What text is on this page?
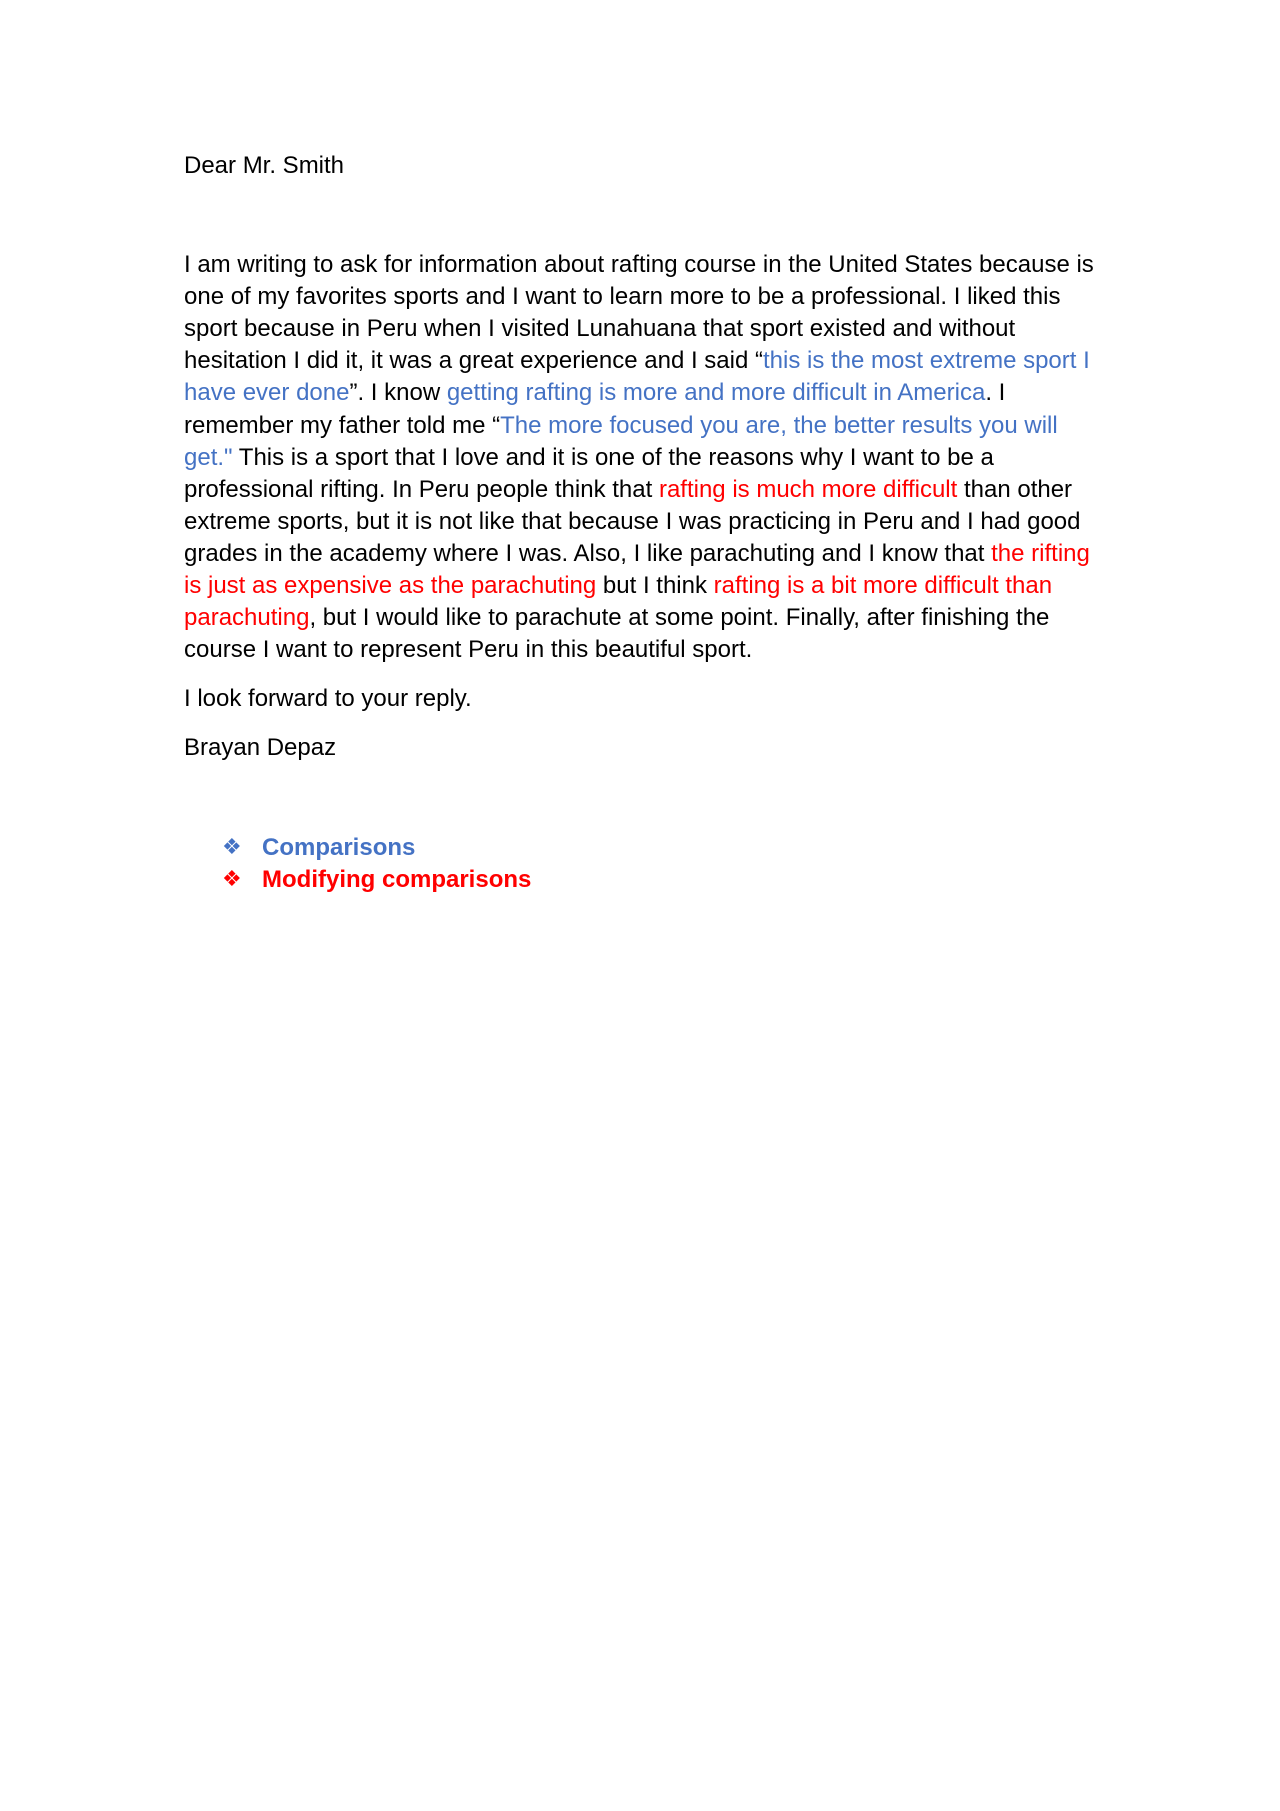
Dear Mr. Smith

I am writing to ask for information about rafting course in the United States because is one of my favorites sports and I want to learn more to be a professional. I liked this sport because in Peru when I visited Lunahuana that sport existed and without hesitation I did it, it was a great experience and I said “this is the most extreme sport I have ever done”. I know getting rafting is more and more difficult in America. I remember my father told me “The more focused you are, the better results you will get." This is a sport that I love and it is one of the reasons why I want to be a professional rifting. In Peru people think that rafting is much more difficult than other extreme sports, but it is not like that because I was practicing in Peru and I had good grades in the academy where I was. Also, I like parachuting and I know that the rifting is just as expensive as the parachuting but I think rafting is a bit more difficult than parachuting, but I would like to parachute at some point. Finally, after finishing the course I want to represent Peru in this beautiful sport.

I look forward to your reply.

Brayan Depaz

❖ Comparisons
❖ Modifying comparisons
